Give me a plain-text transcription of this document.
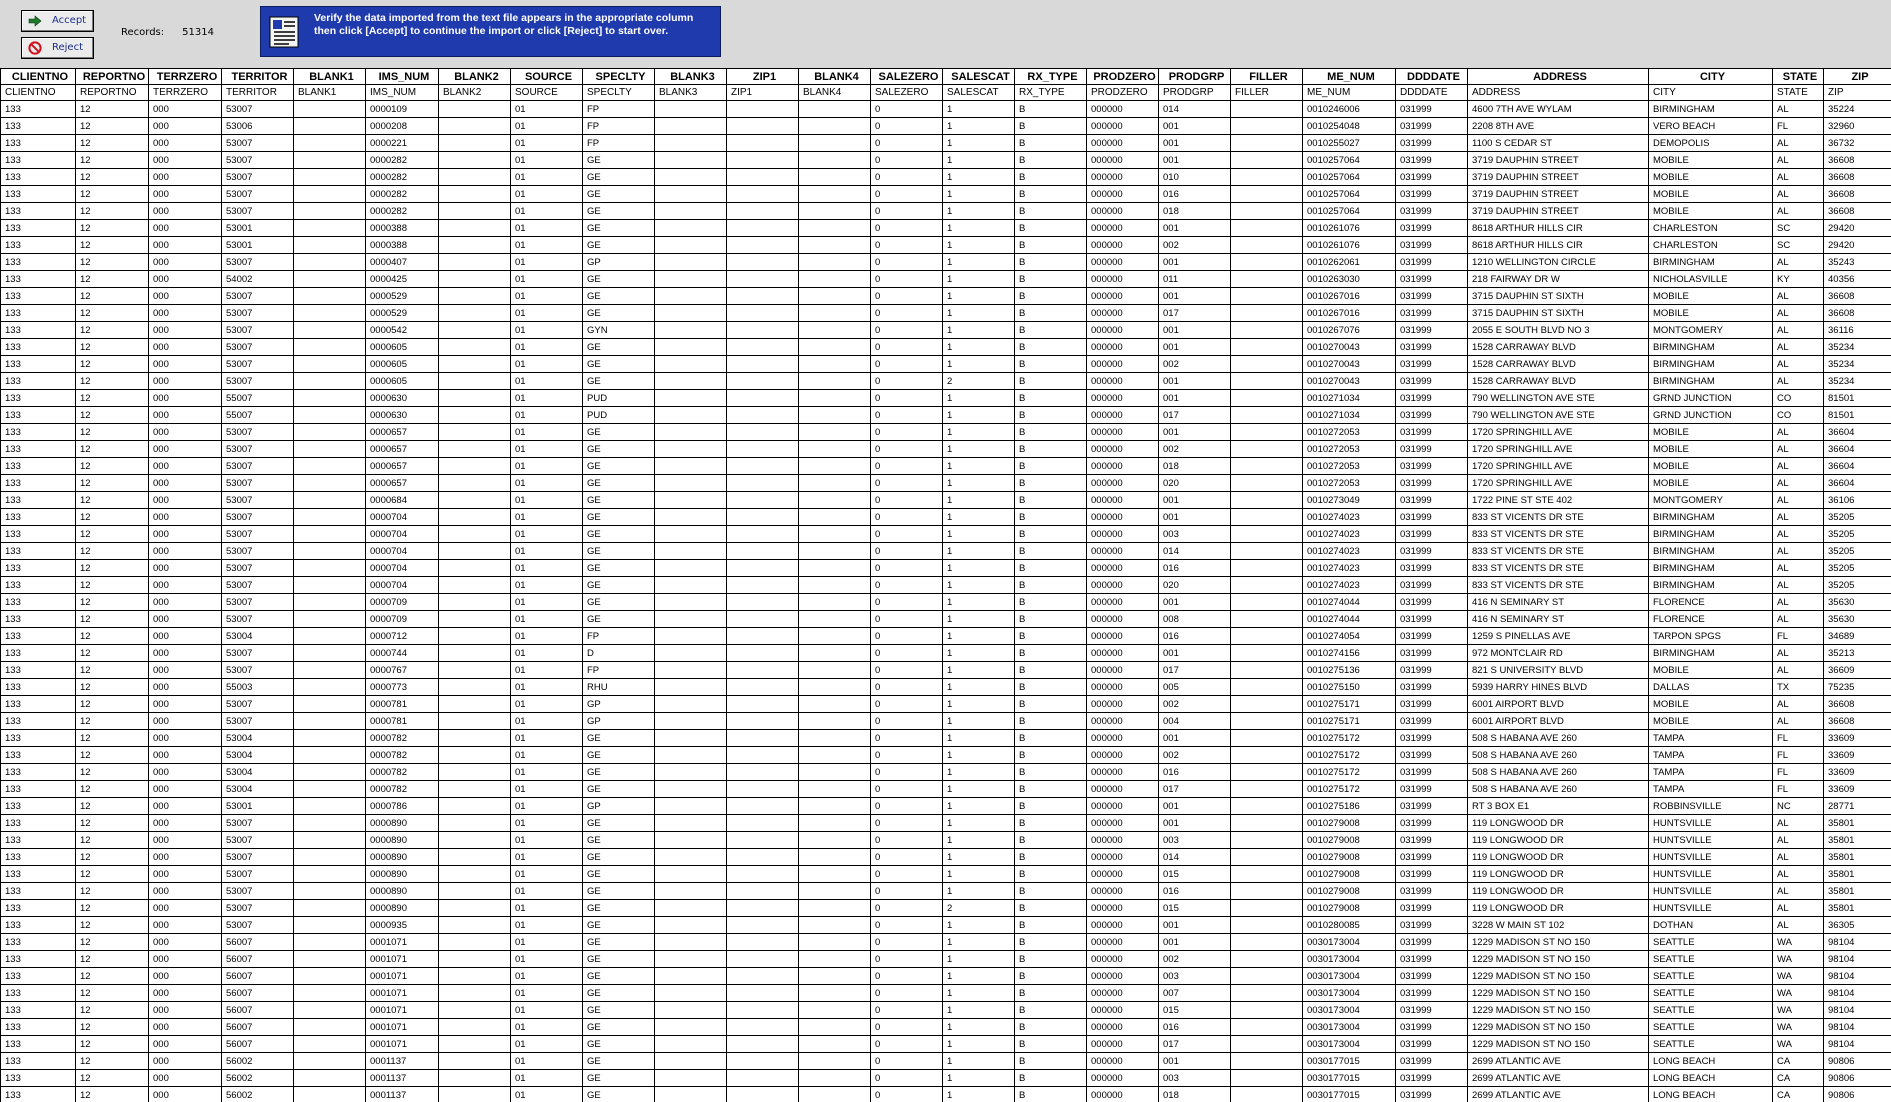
Accept
Reject
Records: 51314
Verify the data imported from the text file appears in the appropriate column then click [Accept] to continue the import or click [Reject] to start over.
CLIENTNO	REPORTNO	TERRZERO	TERRITOR	BLANK1	IMS_NUM	BLANK2	SOURCE	SPECLTY	BLANK3	ZIP1	BLANK4	SALEZERO	SALESCAT	RX_TYPE	PRODZERO	PRODGRP	FILLER	ME_NUM	DDDDATE	ADDRESS	CITY	STATE	ZIP
CLIENTNO	REPORTNO	TERRZERO	TERRITOR	BLANK1	IMS_NUM	BLANK2	SOURCE	SPECLTY	BLANK3	ZIP1	BLANK4	SALEZERO	SALESCAT	RX_TYPE	PRODZERO	PRODGRP	FILLER	ME_NUM	DDDDATE	ADDRESS	CITY	STATE	ZIP
133	12	000	53007		0000109		01	FP				0	1	B	000000	014		0010246006	031999	4600 7TH AVE WYLAM	BIRMINGHAM	AL	35224
133	12	000	53006		0000208		01	FP				0	1	B	000000	001		0010254048	031999	2208 8TH AVE	VERO BEACH	FL	32960
133	12	000	53007		0000221		01	FP				0	1	B	000000	001		0010255027	031999	1100 S CEDAR ST	DEMOPOLIS	AL	36732
133	12	000	53007		0000282		01	GE				0	1	B	000000	001		0010257064	031999	3719 DAUPHIN STREET	MOBILE	AL	36608
133	12	000	53007		0000282		01	GE				0	1	B	000000	010		0010257064	031999	3719 DAUPHIN STREET	MOBILE	AL	36608
133	12	000	53007		0000282		01	GE				0	1	B	000000	016		0010257064	031999	3719 DAUPHIN STREET	MOBILE	AL	36608
133	12	000	53007		0000282		01	GE				0	1	B	000000	018		0010257064	031999	3719 DAUPHIN STREET	MOBILE	AL	36608
133	12	000	53001		0000388		01	GE				0	1	B	000000	001		0010261076	031999	8618 ARTHUR HILLS CIR	CHARLESTON	SC	29420
133	12	000	53001		0000388		01	GE				0	1	B	000000	002		0010261076	031999	8618 ARTHUR HILLS CIR	CHARLESTON	SC	29420
133	12	000	53007		0000407		01	GP				0	1	B	000000	001		0010262061	031999	1210 WELLINGTON CIRCLE	BIRMINGHAM	AL	35243
133	12	000	54002		0000425		01	GE				0	1	B	000000	011		0010263030	031999	218 FAIRWAY DR W	NICHOLASVILLE	KY	40356
133	12	000	53007		0000529		01	GE				0	1	B	000000	001		0010267016	031999	3715 DAUPHIN ST SIXTH	MOBILE	AL	36608
133	12	000	53007		0000529		01	GE				0	1	B	000000	017		0010267016	031999	3715 DAUPHIN ST SIXTH	MOBILE	AL	36608
133	12	000	53007		0000542		01	GYN				0	1	B	000000	001		0010267076	031999	2055 E SOUTH BLVD NO 3	MONTGOMERY	AL	36116
133	12	000	53007		0000605		01	GE				0	1	B	000000	001		0010270043	031999	1528 CARRAWAY BLVD	BIRMINGHAM	AL	35234
133	12	000	53007		0000605		01	GE				0	1	B	000000	002		0010270043	031999	1528 CARRAWAY BLVD	BIRMINGHAM	AL	35234
133	12	000	53007		0000605		01	GE				0	2	B	000000	001		0010270043	031999	1528 CARRAWAY BLVD	BIRMINGHAM	AL	35234
133	12	000	55007		0000630		01	PUD				0	1	B	000000	001		0010271034	031999	790 WELLINGTON AVE STE	GRND JUNCTION	CO	81501
133	12	000	55007		0000630		01	PUD				0	1	B	000000	017		0010271034	031999	790 WELLINGTON AVE STE	GRND JUNCTION	CO	81501
133	12	000	53007		0000657		01	GE				0	1	B	000000	001		0010272053	031999	1720 SPRINGHILL AVE	MOBILE	AL	36604
133	12	000	53007		0000657		01	GE				0	1	B	000000	002		0010272053	031999	1720 SPRINGHILL AVE	MOBILE	AL	36604
133	12	000	53007		0000657		01	GE				0	1	B	000000	018		0010272053	031999	1720 SPRINGHILL AVE	MOBILE	AL	36604
133	12	000	53007		0000657		01	GE				0	1	B	000000	020		0010272053	031999	1720 SPRINGHILL AVE	MOBILE	AL	36604
133	12	000	53007		0000684		01	GE				0	1	B	000000	001		0010273049	031999	1722 PINE ST STE 402	MONTGOMERY	AL	36106
133	12	000	53007		0000704		01	GE				0	1	B	000000	001		0010274023	031999	833 ST VICENTS DR STE	BIRMINGHAM	AL	35205
133	12	000	53007		0000704		01	GE				0	1	B	000000	003		0010274023	031999	833 ST VICENTS DR STE	BIRMINGHAM	AL	35205
133	12	000	53007		0000704		01	GE				0	1	B	000000	014		0010274023	031999	833 ST VICENTS DR STE	BIRMINGHAM	AL	35205
133	12	000	53007		0000704		01	GE				0	1	B	000000	016		0010274023	031999	833 ST VICENTS DR STE	BIRMINGHAM	AL	35205
133	12	000	53007		0000704		01	GE				0	1	B	000000	020		0010274023	031999	833 ST VICENTS DR STE	BIRMINGHAM	AL	35205
133	12	000	53007		0000709		01	GE				0	1	B	000000	001		0010274044	031999	416 N SEMINARY ST	FLORENCE	AL	35630
133	12	000	53007		0000709		01	GE				0	1	B	000000	008		0010274044	031999	416 N SEMINARY ST	FLORENCE	AL	35630
133	12	000	53004		0000712		01	FP				0	1	B	000000	016		0010274054	031999	1259 S PINELLAS AVE	TARPON SPGS	FL	34689
133	12	000	53007		0000744		01	D				0	1	B	000000	001		0010274156	031999	972 MONTCLAIR RD	BIRMINGHAM	AL	35213
133	12	000	53007		0000767		01	FP				0	1	B	000000	017		0010275136	031999	821 S UNIVERSITY BLVD	MOBILE	AL	36609
133	12	000	55003		0000773		01	RHU				0	1	B	000000	005		0010275150	031999	5939 HARRY HINES BLVD	DALLAS	TX	75235
133	12	000	53007		0000781		01	GP				0	1	B	000000	002		0010275171	031999	6001 AIRPORT BLVD	MOBILE	AL	36608
133	12	000	53007		0000781		01	GP				0	1	B	000000	004		0010275171	031999	6001 AIRPORT BLVD	MOBILE	AL	36608
133	12	000	53004		0000782		01	GE				0	1	B	000000	001		0010275172	031999	508 S HABANA AVE 260	TAMPA	FL	33609
133	12	000	53004		0000782		01	GE				0	1	B	000000	002		0010275172	031999	508 S HABANA AVE 260	TAMPA	FL	33609
133	12	000	53004		0000782		01	GE				0	1	B	000000	016		0010275172	031999	508 S HABANA AVE 260	TAMPA	FL	33609
133	12	000	53004		0000782		01	GE				0	1	B	000000	017		0010275172	031999	508 S HABANA AVE 260	TAMPA	FL	33609
133	12	000	53001		0000786		01	GP				0	1	B	000000	001		0010275186	031999	RT 3 BOX E1	ROBBINSVILLE	NC	28771
133	12	000	53007		0000890		01	GE				0	1	B	000000	001		0010279008	031999	119 LONGWOOD DR	HUNTSVILLE	AL	35801
133	12	000	53007		0000890		01	GE				0	1	B	000000	003		0010279008	031999	119 LONGWOOD DR	HUNTSVILLE	AL	35801
133	12	000	53007		0000890		01	GE				0	1	B	000000	014		0010279008	031999	119 LONGWOOD DR	HUNTSVILLE	AL	35801
133	12	000	53007		0000890		01	GE				0	1	B	000000	015		0010279008	031999	119 LONGWOOD DR	HUNTSVILLE	AL	35801
133	12	000	53007		0000890		01	GE				0	1	B	000000	016		0010279008	031999	119 LONGWOOD DR	HUNTSVILLE	AL	35801
133	12	000	53007		0000890		01	GE				0	2	B	000000	015		0010279008	031999	119 LONGWOOD DR	HUNTSVILLE	AL	35801
133	12	000	53007		0000935		01	GE				0	1	B	000000	001		0010280085	031999	3228 W MAIN ST 102	DOTHAN	AL	36305
133	12	000	56007		0001071		01	GE				0	1	B	000000	001		0030173004	031999	1229 MADISON ST NO 150	SEATTLE	WA	98104
133	12	000	56007		0001071		01	GE				0	1	B	000000	002		0030173004	031999	1229 MADISON ST NO 150	SEATTLE	WA	98104
133	12	000	56007		0001071		01	GE				0	1	B	000000	003		0030173004	031999	1229 MADISON ST NO 150	SEATTLE	WA	98104
133	12	000	56007		0001071		01	GE				0	1	B	000000	007		0030173004	031999	1229 MADISON ST NO 150	SEATTLE	WA	98104
133	12	000	56007		0001071		01	GE				0	1	B	000000	015		0030173004	031999	1229 MADISON ST NO 150	SEATTLE	WA	98104
133	12	000	56007		0001071		01	GE				0	1	B	000000	016		0030173004	031999	1229 MADISON ST NO 150	SEATTLE	WA	98104
133	12	000	56007		0001071		01	GE				0	1	B	000000	017		0030173004	031999	1229 MADISON ST NO 150	SEATTLE	WA	98104
133	12	000	56002		0001137		01	GE				0	1	B	000000	001		0030177015	031999	2699 ATLANTIC AVE	LONG BEACH	CA	90806
133	12	000	56002		0001137		01	GE				0	1	B	000000	003		0030177015	031999	2699 ATLANTIC AVE	LONG BEACH	CA	90806
133	12	000	56002		0001137		01	GE				0	1	B	000000	018		0030177015	031999	2699 ATLANTIC AVE	LONG BEACH	CA	90806
